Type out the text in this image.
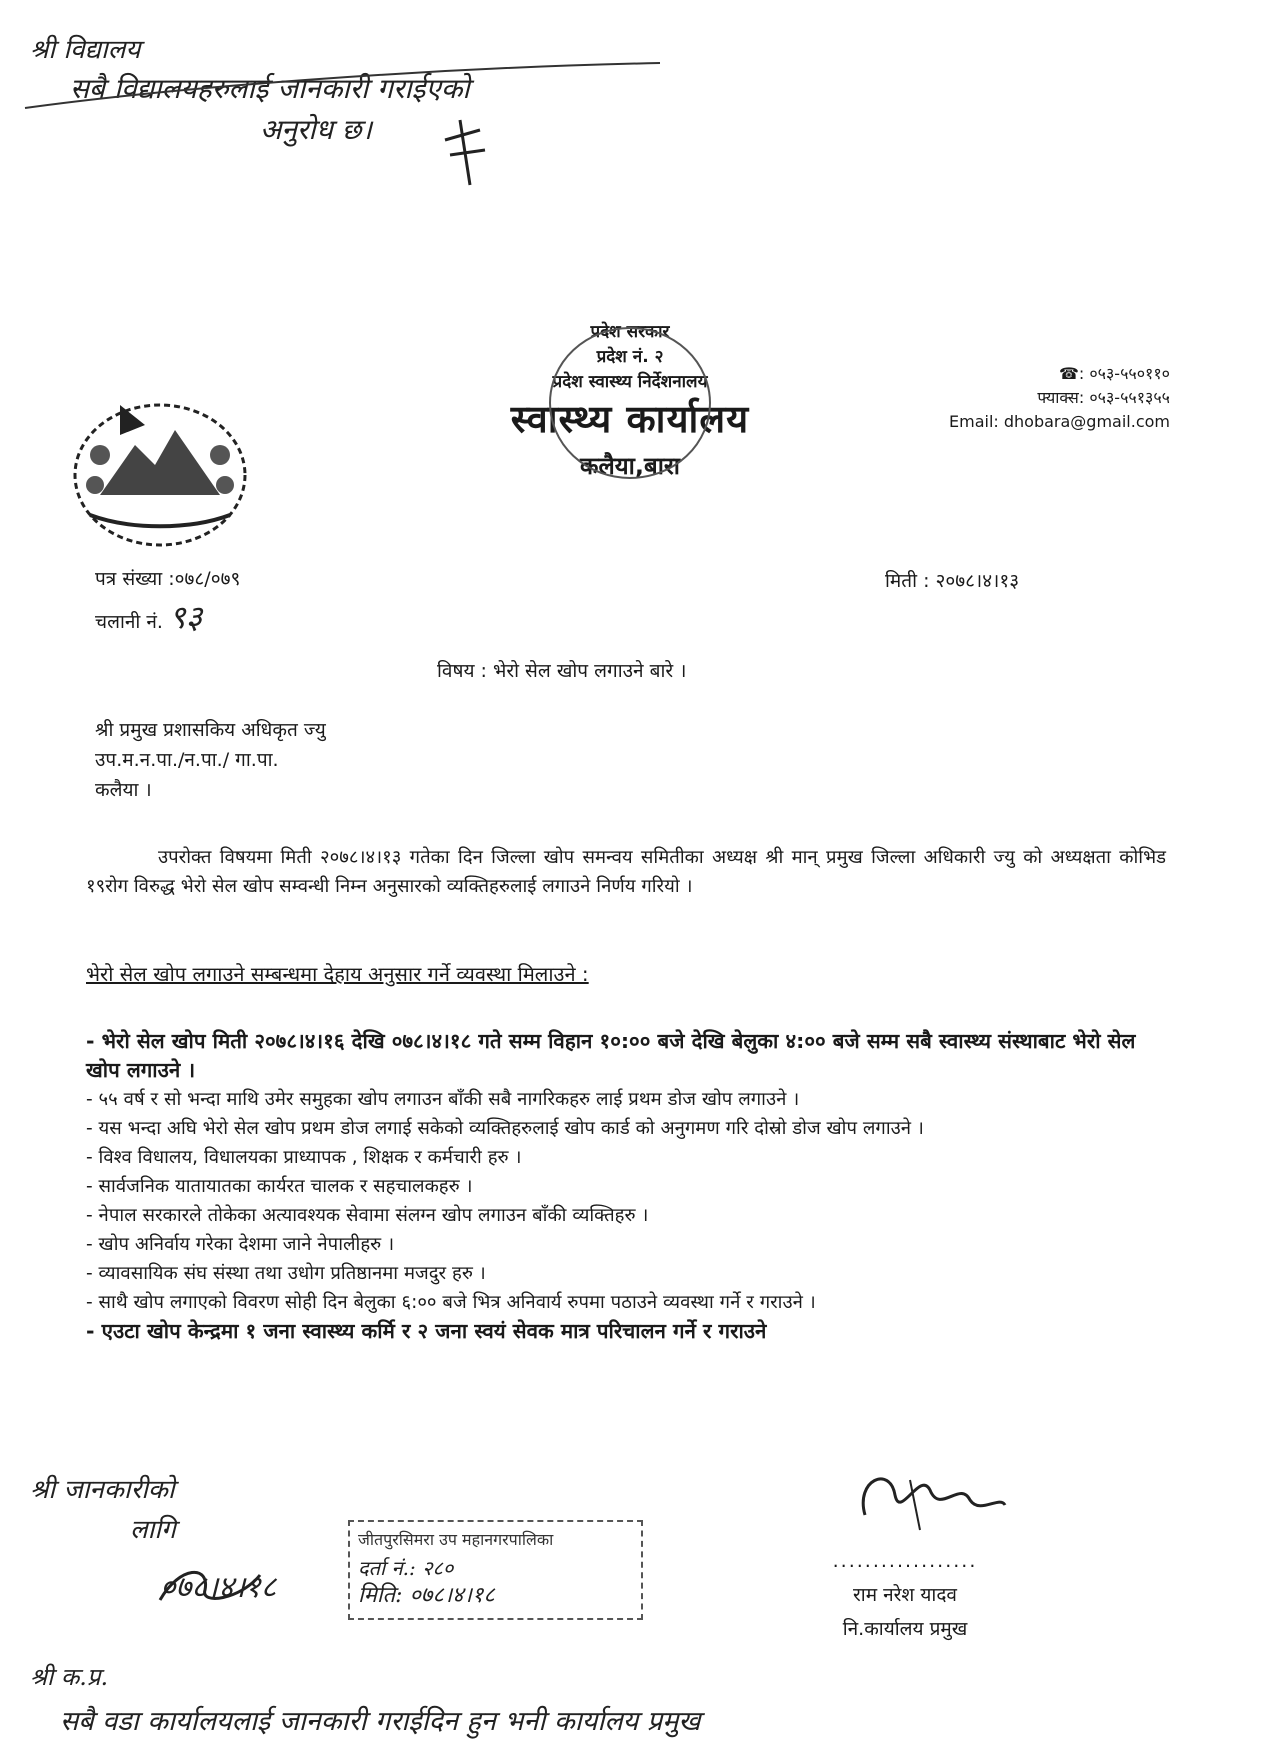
श्री विद्यालय
सबै विद्यालयहरुलाई जानकारी गराईएको
अनुरोध छ।
प्रदेश सरकार
प्रदेश नं. २
प्रदेश स्वास्थ्य निर्देशनालय
स्वास्थ्य कार्यालय
कलैया,बारा
☎: ०५३-५५०११०
फ्याक्स: ०५३-५५१३५५
Email: dhobara@gmail.com
पत्र संख्या :०७८/०७९
चलानी नं. ९३
मिती : २०७८।४।१३
विषय : भेरो सेल खोप लगाउने बारे ।
श्री प्रमुख प्रशासकिय अधिकृत ज्यु
उप.म.न.पा./न.पा./ गा.पा.
कलैया ।
उपरोक्त विषयमा मिती २०७८।४।१३ गतेका दिन जिल्ला खोप समन्वय समितीका अध्यक्ष श्री मान् प्रमुख जिल्ला अधिकारी ज्यु को अध्यक्षता कोभिड १९रोग विरुद्ध भेरो सेल खोप सम्वन्धी निम्न अनुसारको व्यक्तिहरुलाई लगाउने निर्णय गरियो ।
भेरो सेल खोप लगाउने सम्बन्धमा देहाय अनुसार गर्ने व्यवस्था मिलाउने :
- भेरो सेल खोप मिती २०७८।४।१६ देखि ०७८।४।१८ गते सम्म विहान १०:०० बजे देखि बेलुका ४:०० बजे सम्म सबै स्वास्थ्य संस्थाबाट भेरो सेल खोप लगाउने ।
- ५५ वर्ष र सो भन्दा माथि उमेर समुहका खोप लगाउन बाँकी सबै नागरिकहरु लाई प्रथम डोज खोप लगाउने ।
- यस भन्दा अघि भेरो सेल खोप प्रथम डोज लगाई सकेको व्यक्तिहरुलाई खोप कार्ड को अनुगमण गरि दोस्रो डोज खोप लगाउने ।
- विश्व विधालय, विधालयका प्राध्यापक , शिक्षक र कर्मचारी हरु ।
- सार्वजनिक यातायातका कार्यरत चालक र सहचालकहरु ।
- नेपाल सरकारले तोकेका अत्यावश्यक सेवामा संलग्न खोप लगाउन बाँकी व्यक्तिहरु ।
- खोप अनिर्वाय गरेका देशमा जाने नेपालीहरु ।
- व्यावसायिक संघ संस्था तथा उधोग प्रतिष्ठानमा मजदुर हरु ।
- साथै खोप लगाएको विवरण सोही दिन बेलुका ६:०० बजे भित्र अनिवार्य रुपमा पठाउने व्यवस्था गर्ने र गराउने ।
- एउटा खोप केन्द्रमा १ जना स्वास्थ्य कर्मि र २ जना स्वयं सेवक मात्र परिचालन गर्ने र गराउने
श्री जानकारीको
लागि
०७८।४।१८
जीतपुरसिमरा उप महानगरपालिका
दर्ता नं.: २८०
मिति: ०७८।४।१८
..................
राम नरेश यादव
नि.कार्यालय प्रमुख
श्री क.प्र.
सबै वडा कार्यालयलाई जानकारी गराईदिन हुन भनी कार्यालय प्रमुख
